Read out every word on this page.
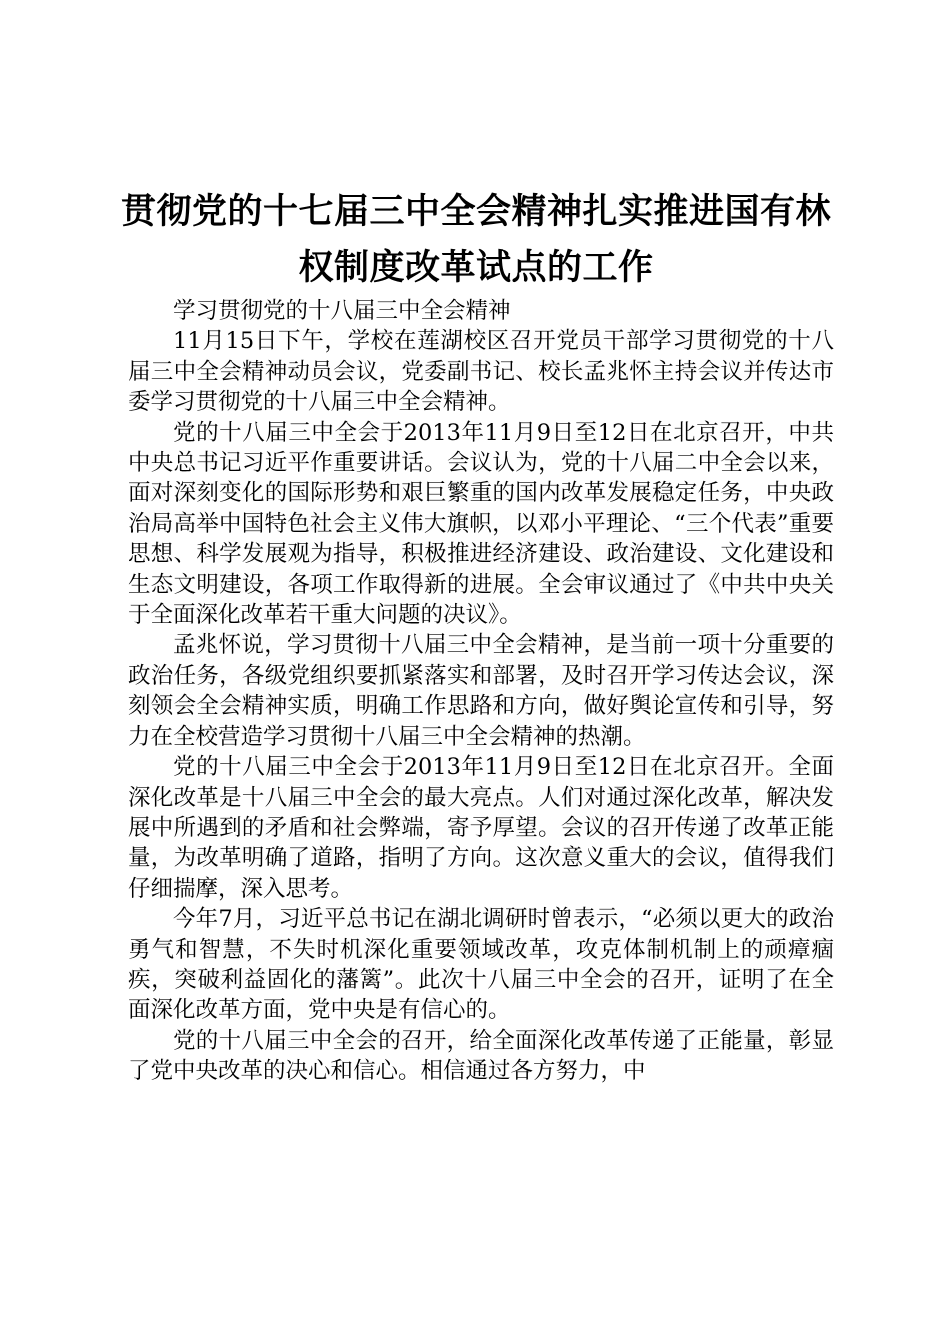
贯彻党的十七届三中全会精神扎实推进国有林
权制度改革试点的工作

学习贯彻党的十八届三中全会精神

11月15日下午，学校在莲湖校区召开党员干部学习贯彻党的十八届三中全会精神动员会议，党委副书记、校长孟兆怀主持会议并传达市委学习贯彻党的十八届三中全会精神。

党的十八届三中全会于2013年11月9日至12日在北京召开，中共中央总书记习近平作重要讲话。会议认为，党的十八届二中全会以来，面对深刻变化的国际形势和艰巨繁重的国内改革发展稳定任务，中央政治局高举中国特色社会主义伟大旗帜，以邓小平理论、“三个代表”重要思想、科学发展观为指导，积极推进经济建设、政治建设、文化建设和生态文明建设，各项工作取得新的进展。全会审议通过了《中共中央关于全面深化改革若干重大问题的决议》。

孟兆怀说，学习贯彻十八届三中全会精神，是当前一项十分重要的政治任务，各级党组织要抓紧落实和部署，及时召开学习传达会议，深刻领会全会精神实质，明确工作思路和方向，做好舆论宣传和引导，努力在全校营造学习贯彻十八届三中全会精神的热潮。

党的十八届三中全会于2013年11月9日至12日在北京召开。全面深化改革是十八届三中全会的最大亮点。人们对通过深化改革，解决发展中所遇到的矛盾和社会弊端，寄予厚望。会议的召开传递了改革正能量，为改革明确了道路，指明了方向。这次意义重大的会议，值得我们仔细揣摩，深入思考。

今年7月，习近平总书记在湖北调研时曾表示，“必须以更大的政治勇气和智慧，不失时机深化重要领域改革，攻克体制机制上的顽瘴痼疾，突破利益固化的藩篱”。此次十八届三中全会的召开，证明了在全面深化改革方面，党中央是有信心的。

党的十八届三中全会的召开，给全面深化改革传递了正能量，彰显了党中央改革的决心和信心。相信通过各方努力，中
